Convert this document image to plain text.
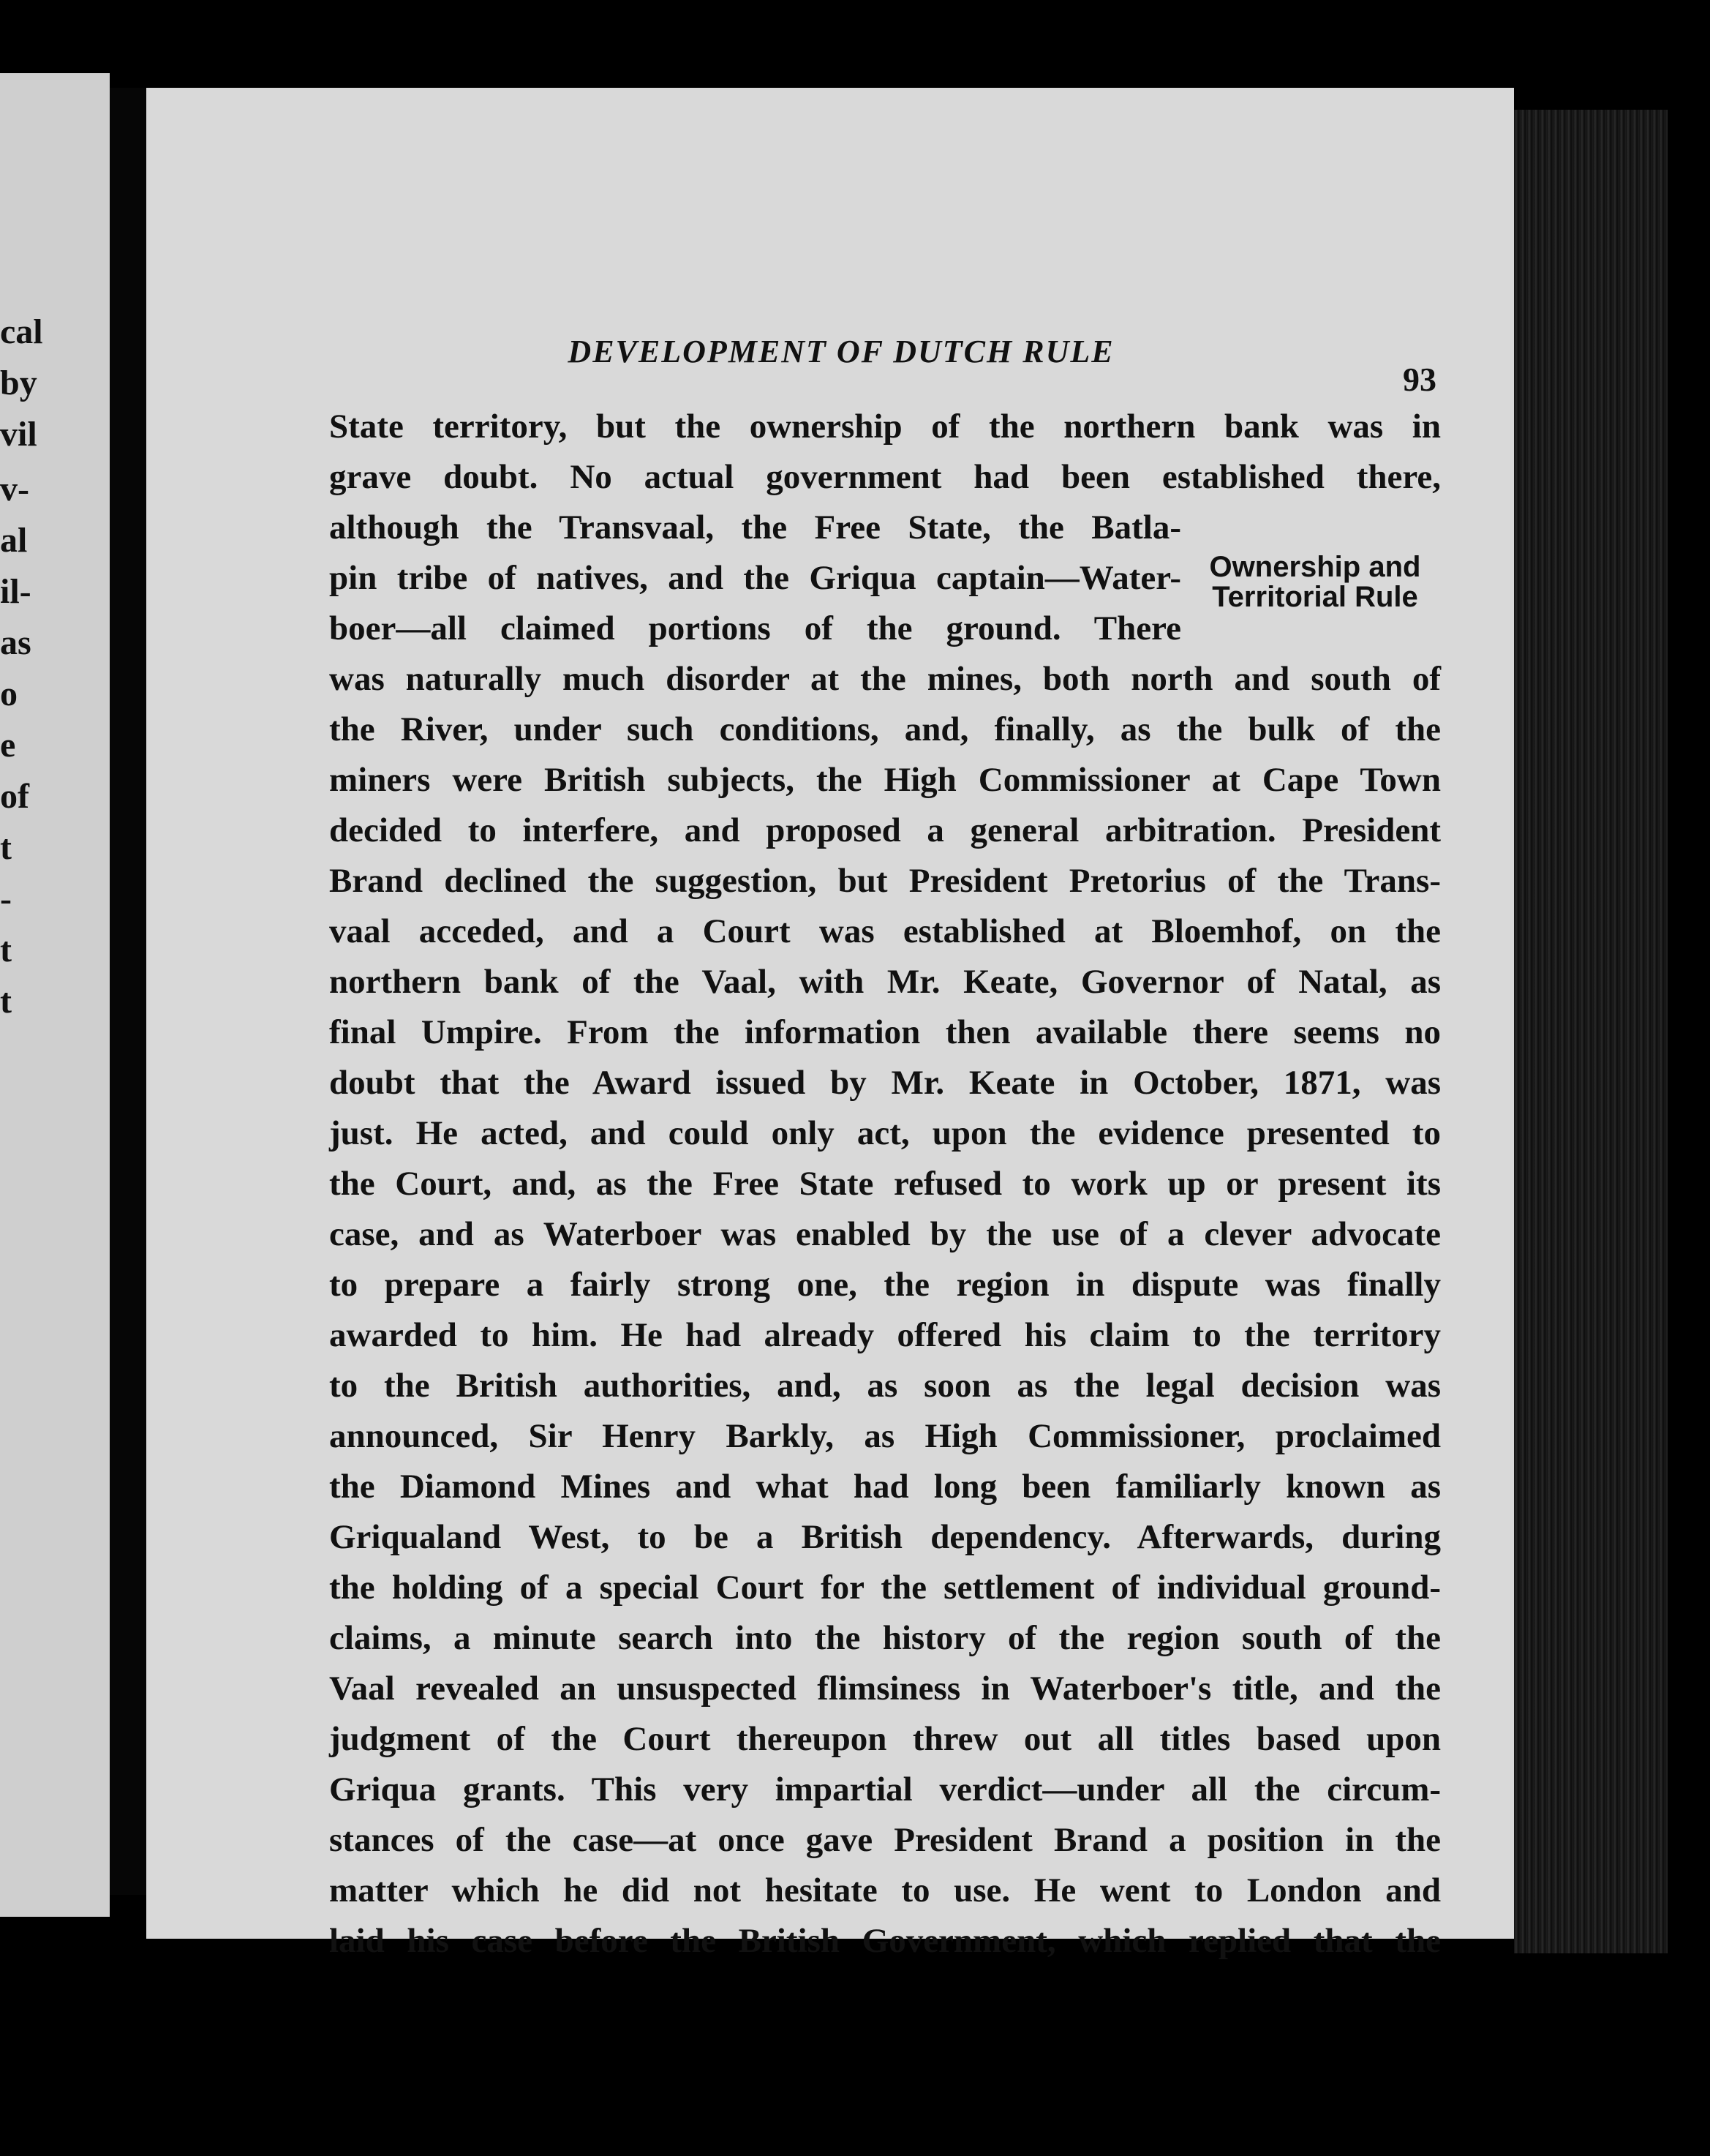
cal
by
vil
v-
al
il-
as
o
e
of
t
-
t
t
DEVELOPMENT OF DUTCH RULE
93
Ownership and
Territorial Rule
State territory, but the ownership of the northern bank was in
grave doubt. No actual government had been established there,
although the Transvaal, the Free State, the Batla-
pin tribe of natives, and the Griqua captain—Water-
boer—all claimed portions of the ground. There
was naturally much disorder at the mines, both north and south of
the River, under such conditions, and, finally, as the bulk of the
miners were British subjects, the High Commissioner at Cape Town
decided to interfere, and proposed a general arbitration. President
Brand declined the suggestion, but President Pretorius of the Trans-
vaal acceded, and a Court was established at Bloemhof, on the
northern bank of the Vaal, with Mr. Keate, Governor of Natal, as
final Umpire. From the information then available there seems no
doubt that the Award issued by Mr. Keate in October, 1871, was
just. He acted, and could only act, upon the evidence presented to
the Court, and, as the Free State refused to work up or present its
case, and as Waterboer was enabled by the use of a clever advocate
to prepare a fairly strong one, the region in dispute was finally
awarded to him. He had already offered his claim to the territory
to the British authorities, and, as soon as the legal decision was
announced, Sir Henry Barkly, as High Commissioner, proclaimed
the Diamond Mines and what had long been familiarly known as
Griqualand West, to be a British dependency. Afterwards, during
the holding of a special Court for the settlement of individual ground-
claims, a minute search into the history of the region south of the
Vaal revealed an unsuspected flimsiness in Waterboer's title, and the
judgment of the Court thereupon threw out all titles based upon
Griqua grants. This very impartial verdict—under all the circum-
stances of the case—at once gave President Brand a position in the
matter which he did not hesitate to use. He went to London and
laid his case before the British Government, which replied that the
